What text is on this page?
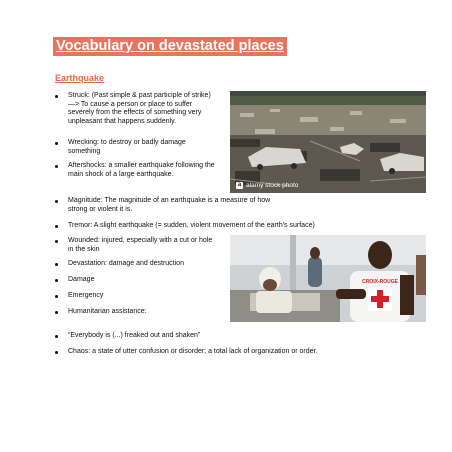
Vocabulary on devastated places
Earthquake
Struck: (Past simple & past participle of strike) —> To cause a person or place to suffer severely from the effects of something very unpleasant that happens suddenly.
Wrecking: to destroy or badly damage something
Aftershocks: a smaller earthquake following the main shock of a large earthquake.
Magnitude: The magnitude of an earthquake is a measure of how strong or violent it is.
Tremor: A slight earthquake (= sudden, violent movement of the earth's surface)
Wounded: injured, especially with a cut or hole in the skin
Devastation: damage and destruction
Damage
Emergency
Humanitarian assistance:
“Everybody is (...) freaked out and shaken”
Chaos: a state of utter confusion or disorder; a total lack of organization or order.
a alamy stock photo
CROIX-ROUGE
